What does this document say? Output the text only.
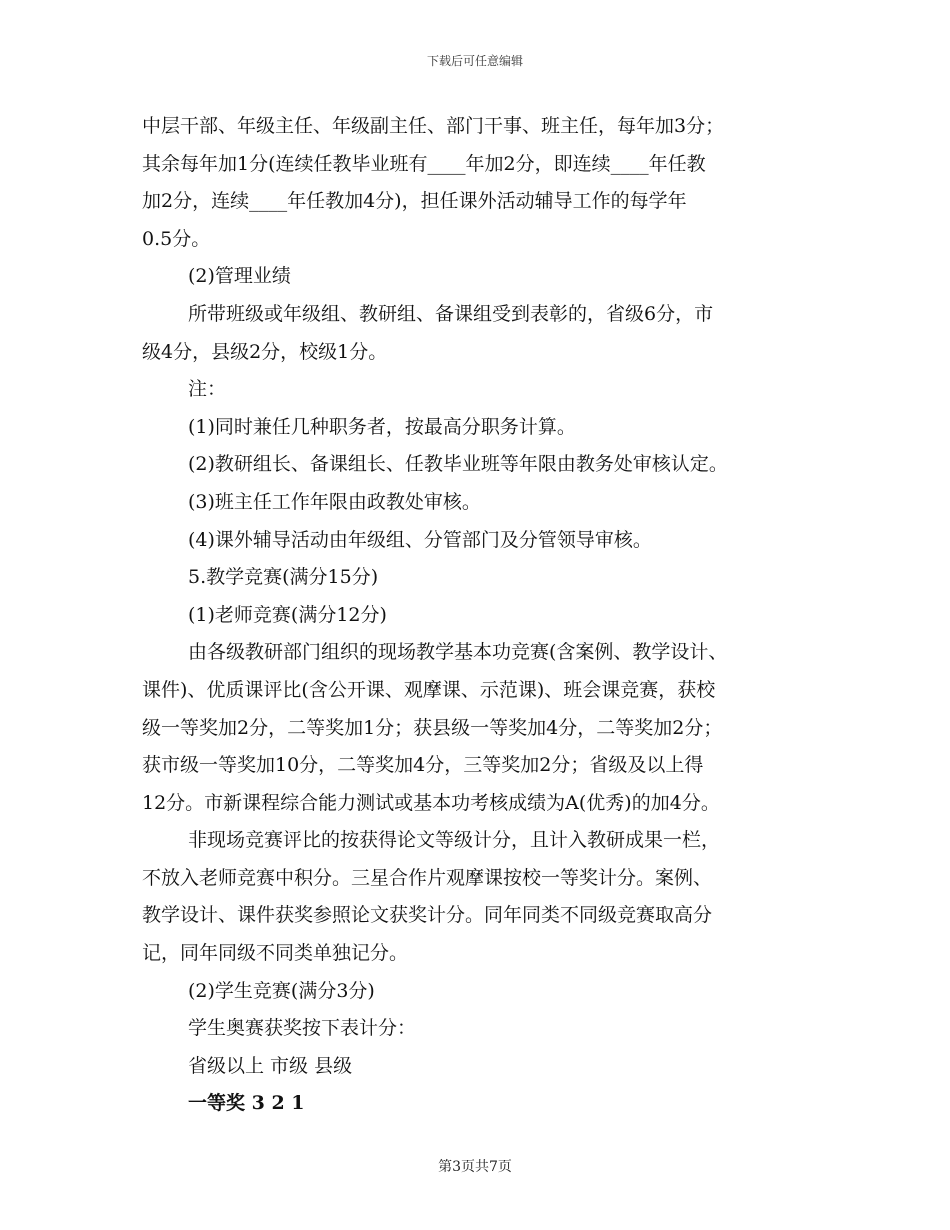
下载后可任意编辑
中层干部、年级主任、年级副主任、部门干事、班主任，每年加3分；
其余每年加1分(连续任教毕业班有____年加2分，即连续____年任教
加2分，连续____年任教加4分)，担任课外活动辅导工作的每学年
0.5分。
(2)管理业绩
所带班级或年级组、教研组、备课组受到表彰的，省级6分，市
级4分，县级2分，校级1分。
注：
(1)同时兼任几种职务者，按最高分职务计算。
(2)教研组长、备课组长、任教毕业班等年限由教务处审核认定。
(3)班主任工作年限由政教处审核。
(4)课外辅导活动由年级组、分管部门及分管领导审核。
5.教学竞赛(满分15分)
(1)老师竞赛(满分12分)
由各级教研部门组织的现场教学基本功竞赛(含案例、教学设计、
课件)、优质课评比(含公开课、观摩课、示范课)、班会课竞赛，获校
级一等奖加2分，二等奖加1分；获县级一等奖加4分，二等奖加2分；
获市级一等奖加10分，二等奖加4分，三等奖加2分；省级及以上得
12分。市新课程综合能力测试或基本功考核成绩为A(优秀)的加4分。
非现场竞赛评比的按获得论文等级计分，且计入教研成果一栏，
不放入老师竞赛中积分。三星合作片观摩课按校一等奖计分。案例、
教学设计、课件获奖参照论文获奖计分。同年同类不同级竞赛取高分
记，同年同级不同类单独记分。
(2)学生竞赛(满分3分)
学生奥赛获奖按下表计分：
省级以上 市级 县级
一等奖 3 2 1
第3页共7页
